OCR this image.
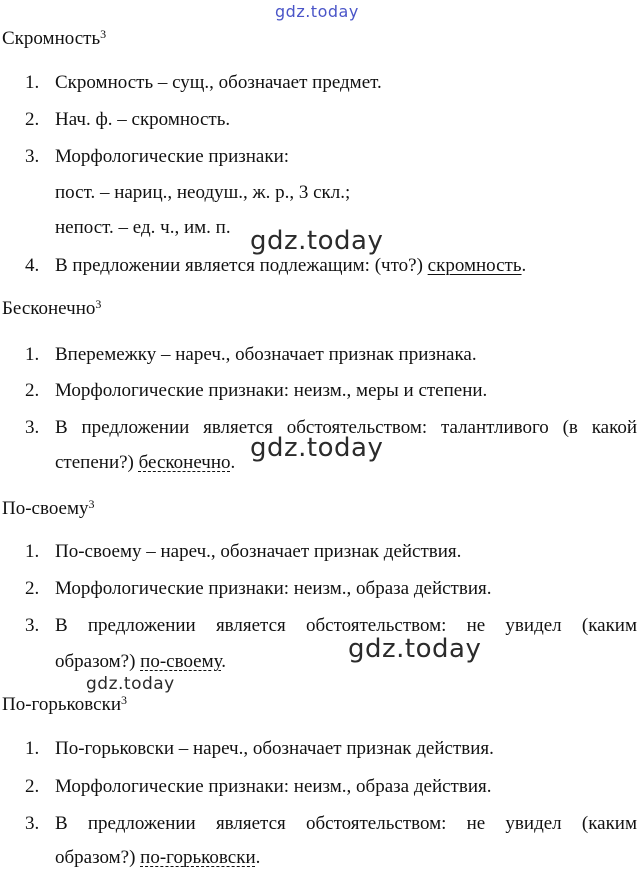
Скромность$^3$
1. Скромность – сущ., обозначает предмет.
2. Нач. ф. – скромность.
3. Морфологические признаки:
пост. – нариц., неодуш., ж. р., 3 скл.;
непост. – ед. ч., им. п.
4. В предложении является подлежащим: (что?) скромность.
Бесконечно$^3$
1. Вперемежку – нареч., обозначает признак признака.
2. Морфологические признаки: неизм., меры и степени.
3. В предложении является обстоятельством: талантливого (в какой
степени?) бесконечно.
По-своему$^3$
1. По-своему – нареч., обозначает признак действия.
2. Морфологические признаки: неизм., образа действия.
3. В предложении является обстоятельством: не увидел (каким
образом?) по-своему.
По-горьковски$^3$
1. По-горьковски – нареч., обозначает признак действия.
2. Морфологические признаки: неизм., образа действия.
3. В предложении является обстоятельством: не увидел (каким
образом?) по-горьковски.
gdz.today
gdz.today
gdz.today
gdz.today
gdz.today
